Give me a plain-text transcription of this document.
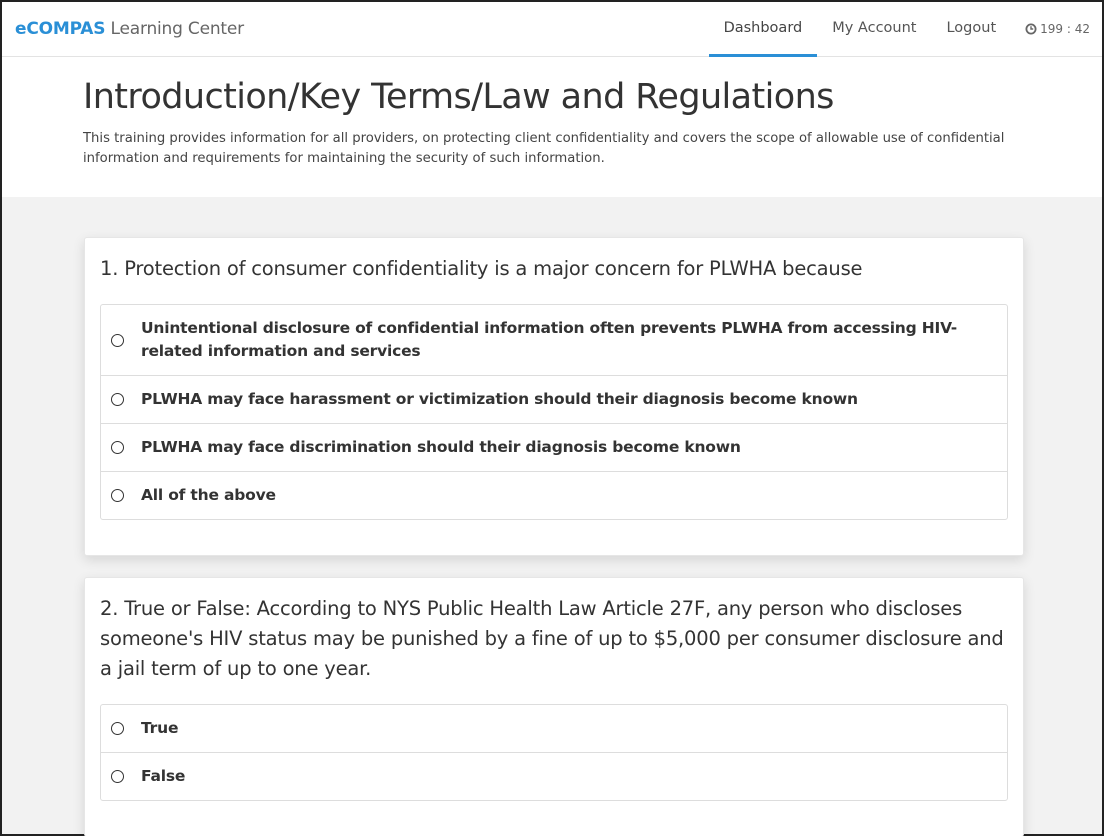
eCOMPAS Learning Center	Dashboard	My Account	Logout	199 : 42
Introduction/Key Terms/Law and Regulations

This training provides information for all providers, on protecting client confidentiality and covers the scope of allowable use of confidential information and requirements for maintaining the security of such information.

1. Protection of consumer confidentiality is a major concern for PLWHA because
Unintentional disclosure of confidential information often prevents PLWHA from accessing HIV-related information and services
PLWHA may face harassment or victimization should their diagnosis become known
PLWHA may face discrimination should their diagnosis become known
All of the above
2. True or False: According to NYS Public Health Law Article 27F, any person who discloses someone's HIV status may be punished by a fine of up to $5,000 per consumer disclosure and a jail term of up to one year.
True
False
